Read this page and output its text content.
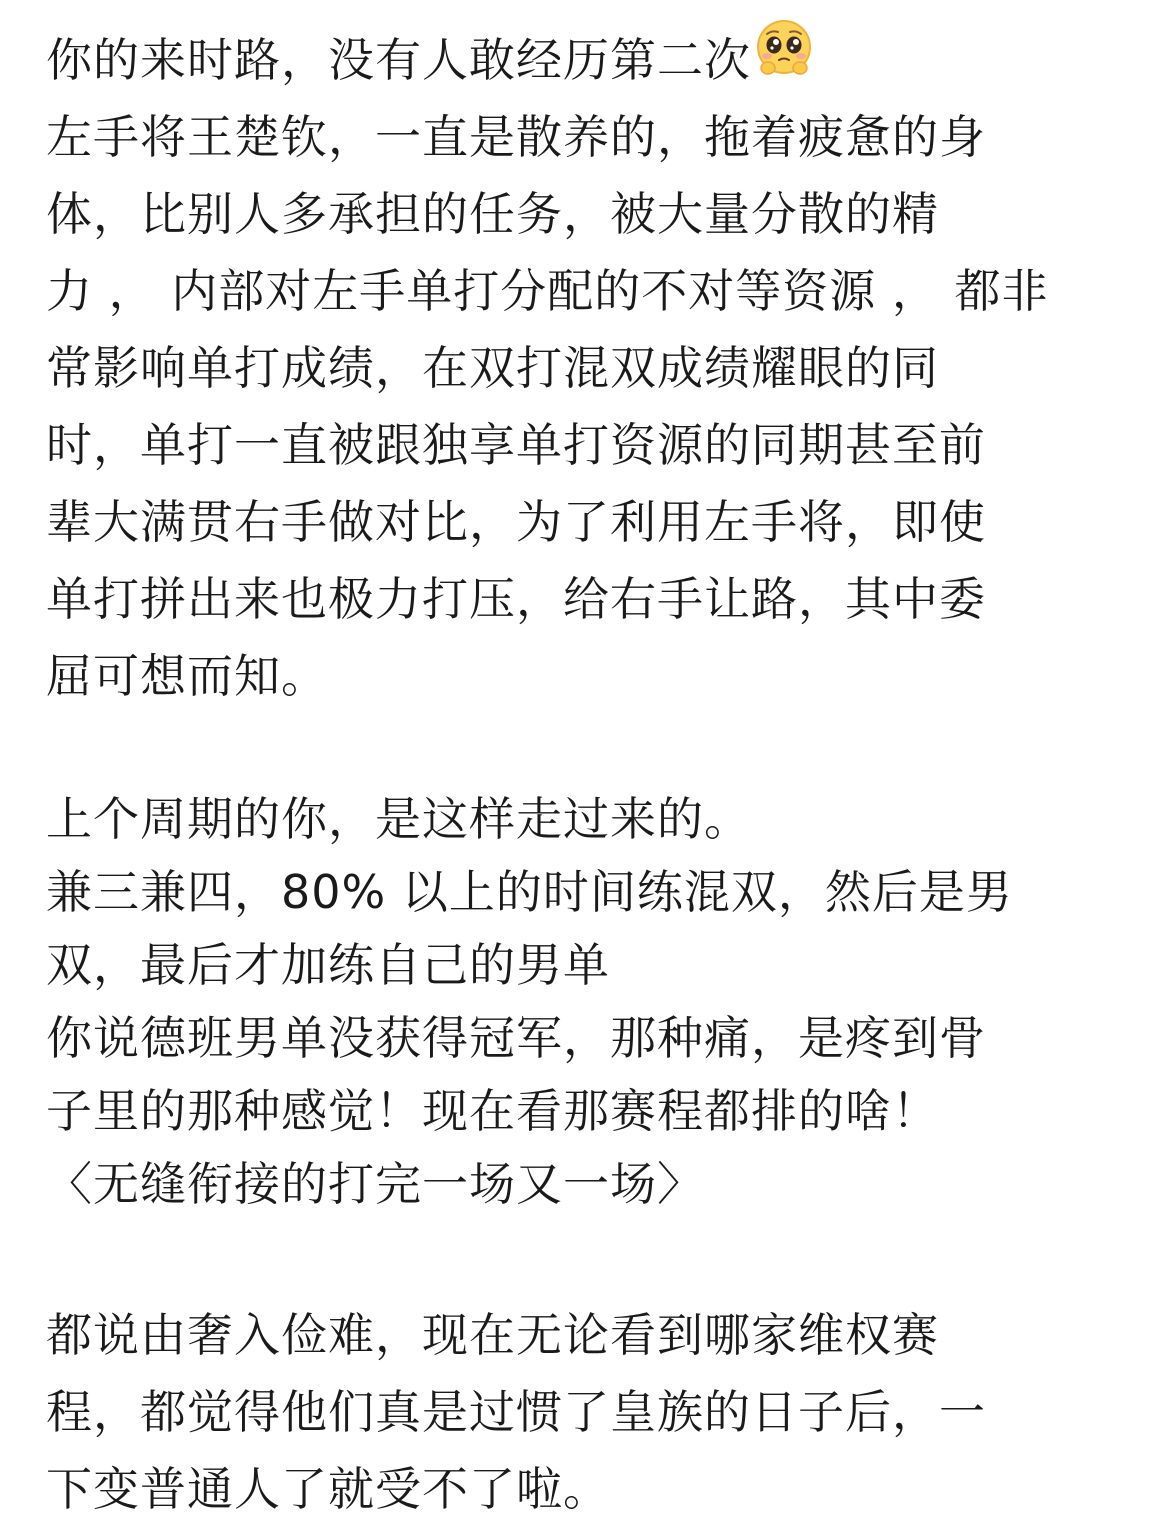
你的来时路，没有人敢经历第二次
左手将王楚钦，一直是散养的，拖着疲惫的身
体，比别人多承担的任务，被大量分散的精
力 ， 内部对左手单打分配的不对等资源 ， 都非
常影响单打成绩，在双打混双成绩耀眼的同
时，单打一直被跟独享单打资源的同期甚至前
辈大满贯右手做对比，为了利用左手将，即使
单打拼出来也极力打压，给右手让路，其中委
屈可想而知。
上个周期的你，是这样走过来的。
兼三兼四，80% 以上的时间练混双，然后是男
双，最后才加练自己的男单
你说德班男单没获得冠军，那种痛，是疼到骨
子里的那种感觉！现在看那赛程都排的啥！
〈无缝衔接的打完一场又一场〉
都说由奢入俭难，现在无论看到哪家维权赛
程，都觉得他们真是过惯了皇族的日子后，一
下变普通人了就受不了啦。
